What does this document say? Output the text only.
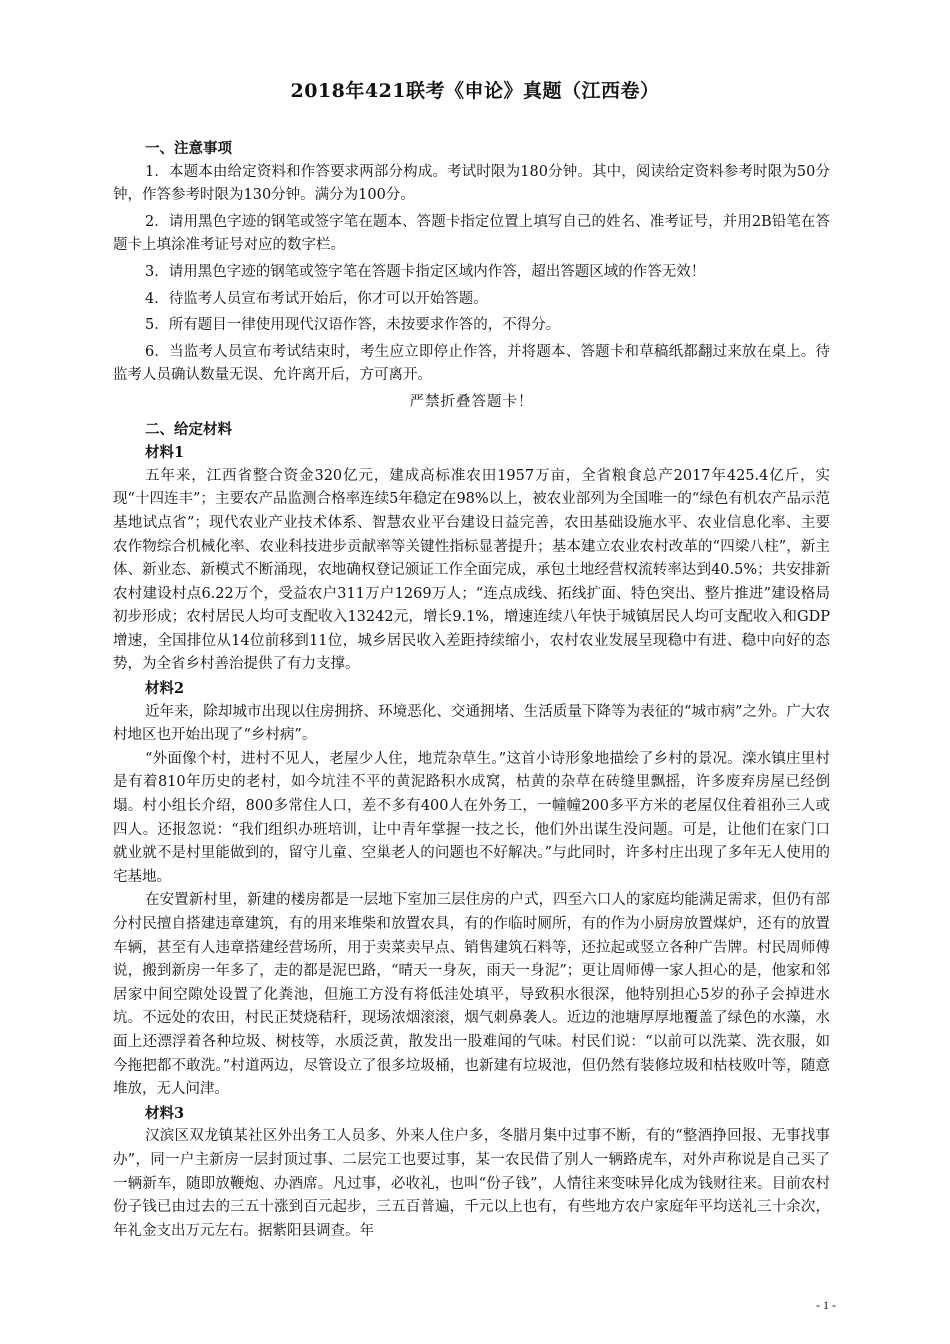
2018年421联考《申论》真题（江西卷）

一、注意事项

1．本题本由给定资料和作答要求两部分构成。考试时限为180分钟。其中，阅读给定资料参考时限为50分钟，作答参考时限为130分钟。满分为100分。

2．请用黑色字迹的钢笔或签字笔在题本、答题卡指定位置上填写自己的姓名、准考证号，并用2B铅笔在答题卡上填涂准考证号对应的数字栏。

3．请用黑色字迹的钢笔或签字笔在答题卡指定区域内作答，超出答题区域的作答无效！

4．待监考人员宣布考试开始后，你才可以开始答题。

5．所有题目一律使用现代汉语作答，未按要求作答的，不得分。

6．当监考人员宣布考试结束时，考生应立即停止作答，并将题本、答题卡和草稿纸都翻过来放在桌上。待监考人员确认数量无误、允许离开后，方可离开。

严禁折叠答题卡！

二、给定材料

材料1

五年来，江西省整合资金320亿元，建成高标准农田1957万亩，全省粮食总产2017年425.4亿斤，实现“十四连丰”；主要农产品监测合格率连续5年稳定在98%以上，被农业部列为全国唯一的“绿色有机农产品示范基地试点省”；现代农业产业技术体系、智慧农业平台建设日益完善，农田基础设施水平、农业信息化率、主要农作物综合机械化率、农业科技进步贡献率等关键性指标显著提升；基本建立农业农村改革的“四梁八柱”，新主体、新业态、新模式不断涌现，农地确权登记颁证工作全面完成，承包土地经营权流转率达到40.5%；共安排新农村建设村点6.22万个，受益农户311万户1269万人；“连点成线、拓线扩面、特色突出、整片推进”建设格局初步形成；农村居民人均可支配收入13242元，增长9.1%，增速连续八年快于城镇居民人均可支配收入和GDP增速，全国排位从14位前移到11位，城乡居民收入差距持续缩小，农村农业发展呈现稳中有进、稳中向好的态势，为全省乡村善治提供了有力支撑。

材料2

近年来，除却城市出现以住房拥挤、环境恶化、交通拥堵、生活质量下降等为表征的“城市病”之外。广大农村地区也开始出现了“乡村病”。

“外面像个村，进村不见人，老屋少人住，地荒杂草生。”这首小诗形象地描绘了乡村的景况。滦水镇庄里村是有着810年历史的老村，如今坑洼不平的黄泥路积水成窝，枯黄的杂草在砖缝里飘摇，许多废弃房屋已经倒塌。村小组长介绍，800多常住人口，差不多有400人在外务工，一幢幢200多平方米的老屋仅住着祖孙三人或四人。还报忽说：“我们组织办班培训，让中青年掌握一技之长，他们外出谋生没问题。可是，让他们在家门口就业就不是村里能做到的，留守儿童、空巢老人的问题也不好解决。”与此同时，许多村庄出现了多年无人使用的宅基地。

在安置新村里，新建的楼房都是一层地下室加三层住房的户式，四至六口人的家庭均能满足需求，但仍有部分村民擅自搭建违章建筑，有的用来堆柴和放置农具，有的作临时厕所，有的作为小厨房放置煤炉，还有的放置车辆，甚至有人违章搭建经营场所，用于卖菜卖早点、销售建筑石料等，还拉起或竖立各种广告牌。村民周师傅说，搬到新房一年多了，走的都是泥巴路，“晴天一身灰，雨天一身泥”；更让周师傅一家人担心的是，他家和邻居家中间空隙处设置了化粪池，但施工方没有将低洼处填平，导致积水很深，他特别担心5岁的孙子会掉进水坑。不远处的农田，村民正焚烧秸秆，现场浓烟滚滚，烟气刺鼻袭人。近边的池塘厚厚地覆盖了绿色的水藻，水面上还漂浮着各种垃圾、树枝等，水质泛黄，散发出一股难闻的气味。村民们说：“以前可以洗菜、洗衣服，如今拖把都不敢洗。”村道两边，尽管设立了很多垃圾桶，也新建有垃圾池，但仍然有装修垃圾和枯枝败叶等，随意堆放，无人问津。

材料3

汉滨区双龙镇某社区外出务工人员多、外来人住户多，冬腊月集中过事不断，有的“整酒挣回报、无事找事办”，同一户主新房一层封顶过事、二层完工也要过事，某一农民借了别人一辆路虎车，对外声称说是自己买了一辆新车，随即放鞭炮、办酒席。凡过事，必收礼，也叫“份子钱”，人情往来变味异化成为钱财往来。目前农村份子钱已由过去的三五十涨到百元起步，三五百普遍，千元以上也有，有些地方农户家庭年平均送礼三十余次，年礼金支出万元左右。据紫阳县调查。年

- 1 -
